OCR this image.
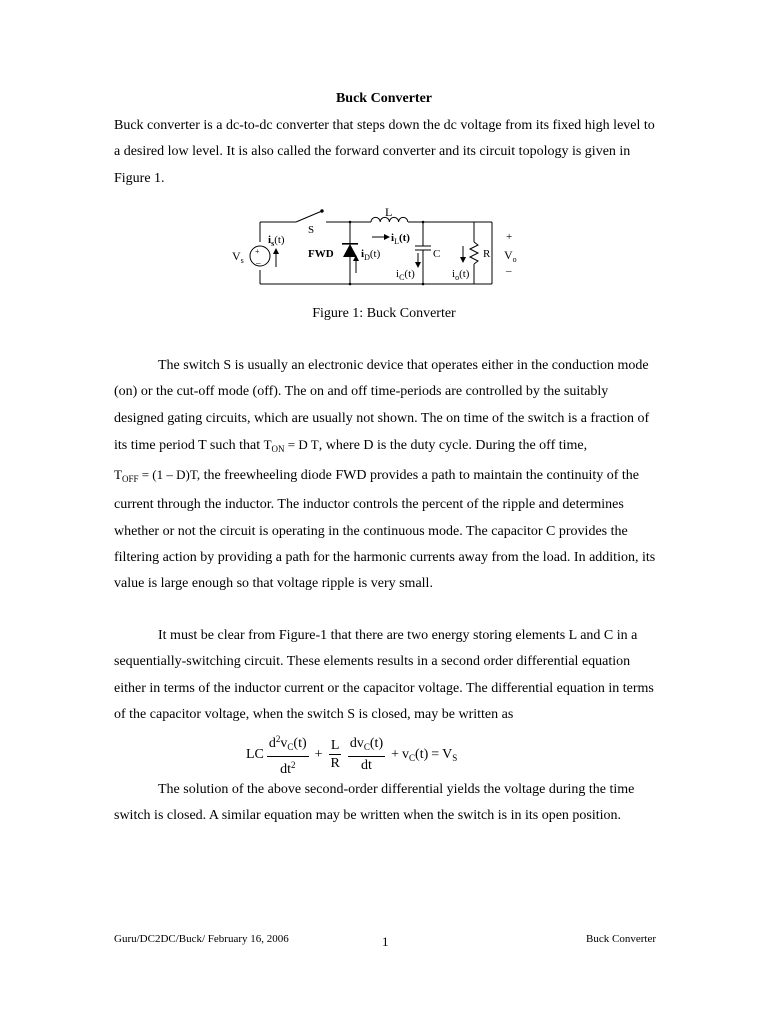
Buck Converter

Buck converter is a dc-to-dc converter that steps down the dc voltage from its fixed high level to a desired low level. It is also called the forward converter and its circuit topology is given in Figure 1.

L
S
$V_s$
+
–
$i_s(t)$
FWD $i_D(t)$
$i_L(t)$
C	R
$i_C(t)$	$i_o(t)$
+
$V_o$
–
Figure 1: Buck Converter

The switch S is usually an electronic device that operates either in the conduction mode (on) or the cut-off mode (off). The on and off time-periods are controlled by the suitably designed gating circuits, which are usually not shown. The on time of the switch is a fraction of its time period T such that $T_{ON} = D$ T, where D is the duty cycle. During the off time, $T_{OFF} = (1 - D)T$, the freewheeling diode FWD provides a path to maintain the continuity of the current through the inductor. The inductor controls the percent of the ripple and determines whether or not the circuit is operating in the continuous mode. The capacitor C provides the filtering action by providing a path for the harmonic currents away from the load. In addition, its value is large enough so that voltage ripple is very small.

It must be clear from Figure-1 that there are two energy storing elements L and C in a sequentially-switching circuit. These elements results in a second order differential equation either in terms of the inductor current or the capacitor voltage. The differential equation in terms of the capacitor voltage, when the switch S is closed, may be written as

LC $\frac{d^2v_C(t)}{dt^2} + \frac{L}{R} \frac{dv_C(t)}{dt} + v_C(t) = V_S$

The solution of the above second-order differential yields the voltage during the time switch is closed. A similar equation may be written when the switch is in its open position.

Guru/DC2DC/Buck/ February 16, 2006	1	Buck Converter
